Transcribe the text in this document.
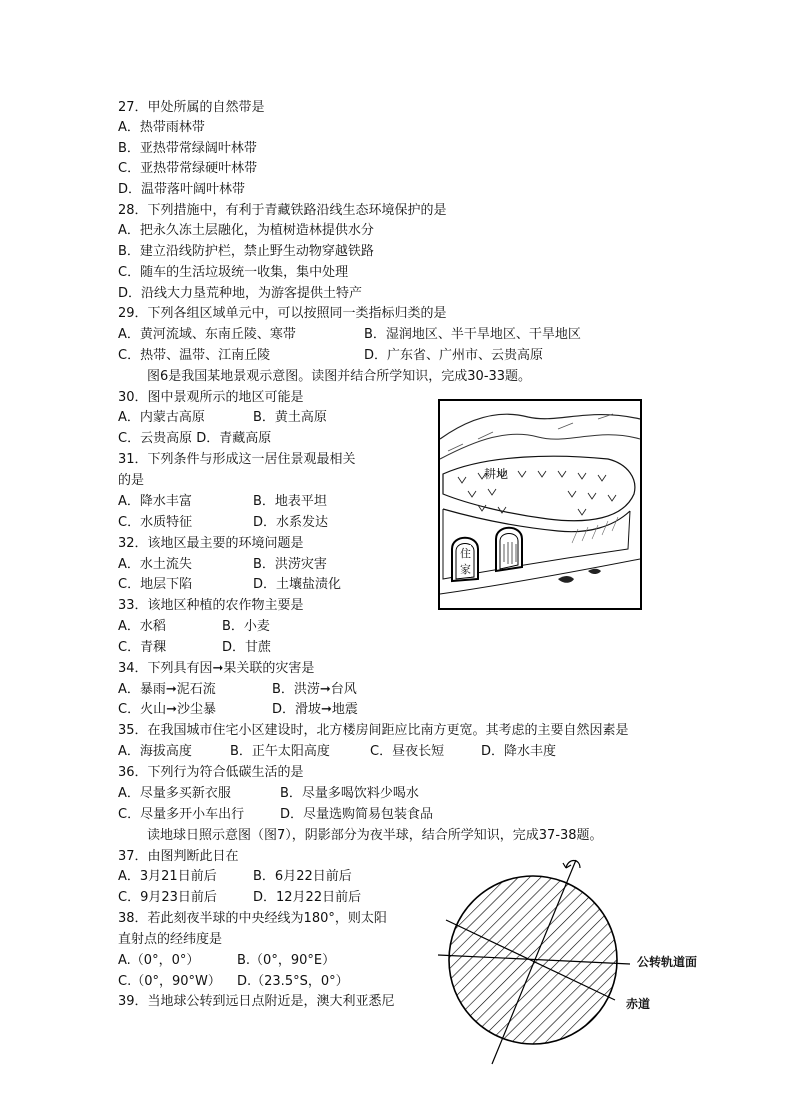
27．甲处所属的自然带是
A．热带雨林带
B．亚热带常绿阔叶林带
C．亚热带常绿硬叶林带
D．温带落叶阔叶林带
28．下列措施中，有利于青藏铁路沿线生态环境保护的是
A．把永久冻土层融化，为植树造林提供水分
B．建立沿线防护栏，禁止野生动物穿越铁路
C．随车的生活垃圾统一收集，集中处理
D．沿线大力垦荒种地，为游客提供土特产
29．下列各组区域单元中，可以按照同一类指标归类的是
A．黄河流域、东南丘陵、寒带	B．湿润地区、半干旱地区、干旱地区
C．热带、温带、江南丘陵	D．广东省、广州市、云贵高原
图6是我国某地景观示意图。读图并结合所学知识，完成30-33题。
30．图中景观所示的地区可能是
A．内蒙古高原	B．黄土高原
C．云贵高原 D．青藏高原
31．下列条件与形成这一居住景观最相关
的是
A．降水丰富	B．地表平坦
C．水质特征	D．水系发达
32．该地区最主要的环境问题是
A．水土流失	B．洪涝灾害
C．地层下陷	D．土壤盐渍化
33．该地区种植的农作物主要是
A．水稻	B．小麦
C．青稞	D．甘蔗
34．下列具有因➞果关联的灾害是
A．暴雨➞泥石流	B．洪涝➞台风
C．火山➞沙尘暴	D．滑坡➞地震
35．在我国城市住宅小区建设时，北方楼房间距应比南方更宽。其考虑的主要自然因素是
A．海拔高度	B．正午太阳高度	C．昼夜长短	D．降水丰度
36．下列行为符合低碳生活的是
A．尽量多买新衣服	B．尽量多喝饮料少喝水
C．尽量多开小车出行	D．尽量选购简易包装食品
读地球日照示意图（图7），阴影部分为夜半球，结合所学知识，完成37-38题。
37．由图判断此日在
A．3月21日前后	B．6月22日前后
C．9月23日前后	D．12月22日前后
38．若此刻夜半球的中央经线为180°，则太阳
直射点的经纬度是
A.（0°，0°）	B.（0°，90°E）
C.（0°，90°W） D.（23.5°S，0°）
39．当地球公转到远日点附近是，澳大利亚悉尼
耕地
住
家
公转轨道面
赤道
